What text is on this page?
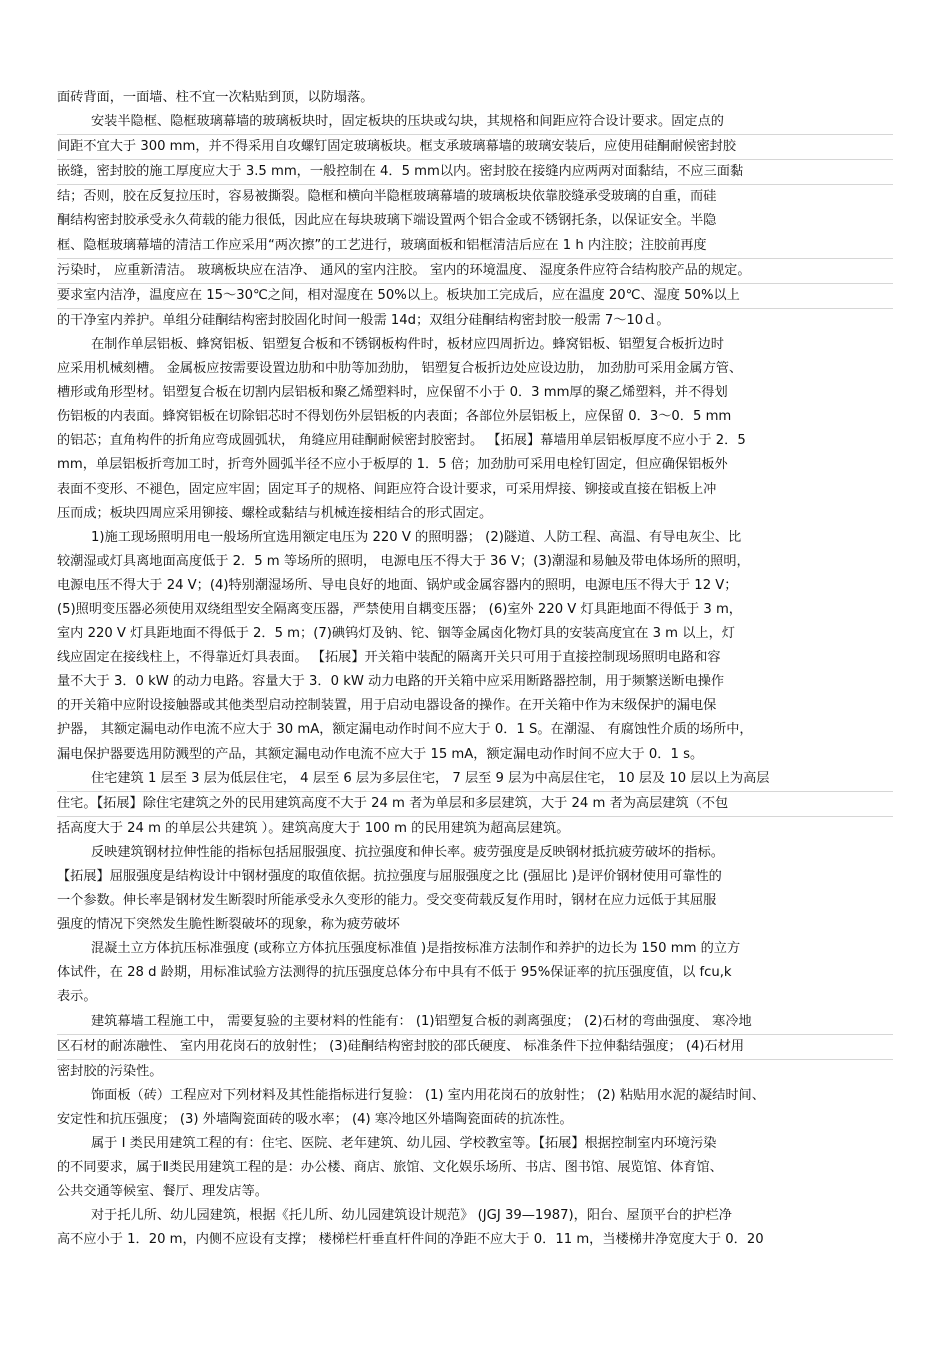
面砖背面，一面墙、柱不宜一次粘贴到顶，以防塌落。
安装半隐框、隐框玻璃幕墙的玻璃板块时，固定板块的压块或勾块，其规格和间距应符合设计要求。固定点的
间距不宜大于 300 mm，并不得采用自攻螺钉固定玻璃板块。框支承玻璃幕墙的玻璃安装后，应使用硅酮耐候密封胶
嵌缝，密封胶的施工厚度应大于 3.5 mm，一般控制在 4．5 mm以内。密封胶在接缝内应两两对面黏结，不应三面黏
结；否则，胶在反复拉压时，容易被撕裂。隐框和横向半隐框玻璃幕墙的玻璃板块依靠胶缝承受玻璃的自重，而硅
酮结构密封胶承受永久荷载的能力很低，因此应在每块玻璃下端设置两个铝合金或不锈钢托条，以保证安全。半隐
框、隐框玻璃幕墙的清洁工作应采用“两次擦”的工艺进行，玻璃面板和铝框清洁后应在 1 h 内注胶；注胶前再度
污染时， 应重新清洁。 玻璃板块应在洁净、 通风的室内注胶。 室内的环境温度、 湿度条件应符合结构胶产品的规定。
要求室内洁净，温度应在 15～30℃之间，相对湿度在 50%以上。板块加工完成后，应在温度 20℃、湿度 50%以上
的干净室内养护。单组分硅酮结构密封胶固化时间一般需 14d；双组分硅酮结构密封胶一般需 7～10ｄ。
在制作单层铝板、蜂窝铝板、铝塑复合板和不锈钢板构件时，板材应四周折边。蜂窝铝板、铝塑复合板折边时
应采用机械刻槽。 金属板应按需要设置边肋和中肋等加劲肋， 铝塑复合板折边处应设边肋， 加劲肋可采用金属方管、
槽形或角形型材。铝塑复合板在切割内层铝板和聚乙烯塑料时，应保留不小于 0．3 mm厚的聚乙烯塑料，并不得划
伤铝板的内表面。蜂窝铝板在切除铝芯时不得划伤外层铝板的内表面；各部位外层铝板上，应保留 0．3～0．5 mm
的铝芯；直角构件的折角应弯成圆弧状， 角缝应用硅酮耐候密封胶密封。 【拓展】幕墙用单层铝板厚度不应小于 2．5
mm，单层铝板折弯加工时，折弯外圆弧半径不应小于板厚的 1．5 倍；加劲肋可采用电栓钉固定，但应确保铝板外
表面不变形、不褪色，固定应牢固；固定耳子的规格、间距应符合设计要求，可采用焊接、铆接或直接在铝板上冲
压而成；板块四周应采用铆接、螺栓或黏结与机械连接相结合的形式固定。
1)施工现场照明用电一般场所宜选用额定电压为 220 V 的照明器； (2)隧道、人防工程、高温、有导电灰尘、比
较潮湿或灯具离地面高度低于 2．5 m 等场所的照明， 电源电压不得大于 36 V；(3)潮湿和易触及带电体场所的照明，
电源电压不得大于 24 V；(4)特别潮湿场所、导电良好的地面、锅炉或金属容器内的照明，电源电压不得大于 12 V；
(5)照明变压器必须使用双绕组型安全隔离变压器，严禁使用自耦变压器； (6)室外 220 V 灯具距地面不得低于 3 m，
室内 220 V 灯具距地面不得低于 2．5 m；(7)碘钨灯及钠、铊、铟等金属卤化物灯具的安装高度宜在 3 m 以上，灯
线应固定在接线柱上，不得靠近灯具表面。 【拓展】开关箱中装配的隔离开关只可用于直接控制现场照明电路和容
量不大于 3．0 kW 的动力电路。容量大于 3．0 kW 动力电路的开关箱中应采用断路器控制，用于频繁送断电操作
的开关箱中应附设接触器或其他类型启动控制装置，用于启动电器设备的操作。在开关箱中作为末级保护的漏电保
护器， 其额定漏电动作电流不应大于 30 mA，额定漏电动作时间不应大于 0．1 S。在潮湿、 有腐蚀性介质的场所中，
漏电保护器要选用防溅型的产品，其额定漏电动作电流不应大于 15 mA，额定漏电动作时间不应大于 0．1 s。
住宅建筑 1 层至 3 层为低层住宅， 4 层至 6 层为多层住宅， 7 层至 9 层为中高层住宅， 10 层及 10 层以上为高层
住宅。【拓展】除住宅建筑之外的民用建筑高度不大于 24 m 者为单层和多层建筑，大于 24 m 者为高层建筑（不包
括高度大于 24 m 的单层公共建筑 ）。建筑高度大于 100 m 的民用建筑为超高层建筑。
反映建筑钢材拉伸性能的指标包括屈服强度、抗拉强度和伸长率。疲劳强度是反映钢材抵抗疲劳破坏的指标。
【拓展】屈服强度是结构设计中钢材强度的取值依据。抗拉强度与屈服强度之比 (强屈比 )是评价钢材使用可靠性的
一个参数。伸长率是钢材发生断裂时所能承受永久变形的能力。受交变荷载反复作用时，钢材在应力远低于其屈服
强度的情况下突然发生脆性断裂破坏的现象，称为疲劳破坏
混凝土立方体抗压标准强度 (或称立方体抗压强度标准值 )是指按标准方法制作和养护的边长为 150 mm 的立方
体试件，在 28 d 龄期，用标准试验方法测得的抗压强度总体分布中具有不低于 95%保证率的抗压强度值，以 fcu,k
表示。
建筑幕墙工程施工中， 需要复验的主要材料的性能有： (1)铝塑复合板的剥离强度； (2)石材的弯曲强度、 寒冷地
区石材的耐冻融性、 室内用花岗石的放射性； (3)硅酮结构密封胶的邵氏硬度、 标准条件下拉伸黏结强度； (4)石材用
密封胶的污染性。
饰面板（砖）工程应对下列材料及其性能指标进行复验： (1) 室内用花岗石的放射性； (2) 粘贴用水泥的凝结时间、
安定性和抗压强度； (3) 外墙陶瓷面砖的吸水率； (4) 寒冷地区外墙陶瓷面砖的抗冻性。
属于 Ⅰ 类民用建筑工程的有：住宅、医院、老年建筑、幼儿园、学校教室等。【拓展】根据控制室内环境污染
的不同要求，属于Ⅱ类民用建筑工程的是：办公楼、商店、旅馆、文化娱乐场所、书店、图书馆、展览馆、体育馆、
公共交通等候室、餐厅、理发店等。
对于托儿所、幼儿园建筑，根据《托儿所、幼儿园建筑设计规范》 (JGJ 39—1987)，阳台、屋顶平台的护栏净
高不应小于 1．20 m，内侧不应设有支撑； 楼梯栏杆垂直杆件间的净距不应大于 0．11 m，当楼梯井净宽度大于 0．20
